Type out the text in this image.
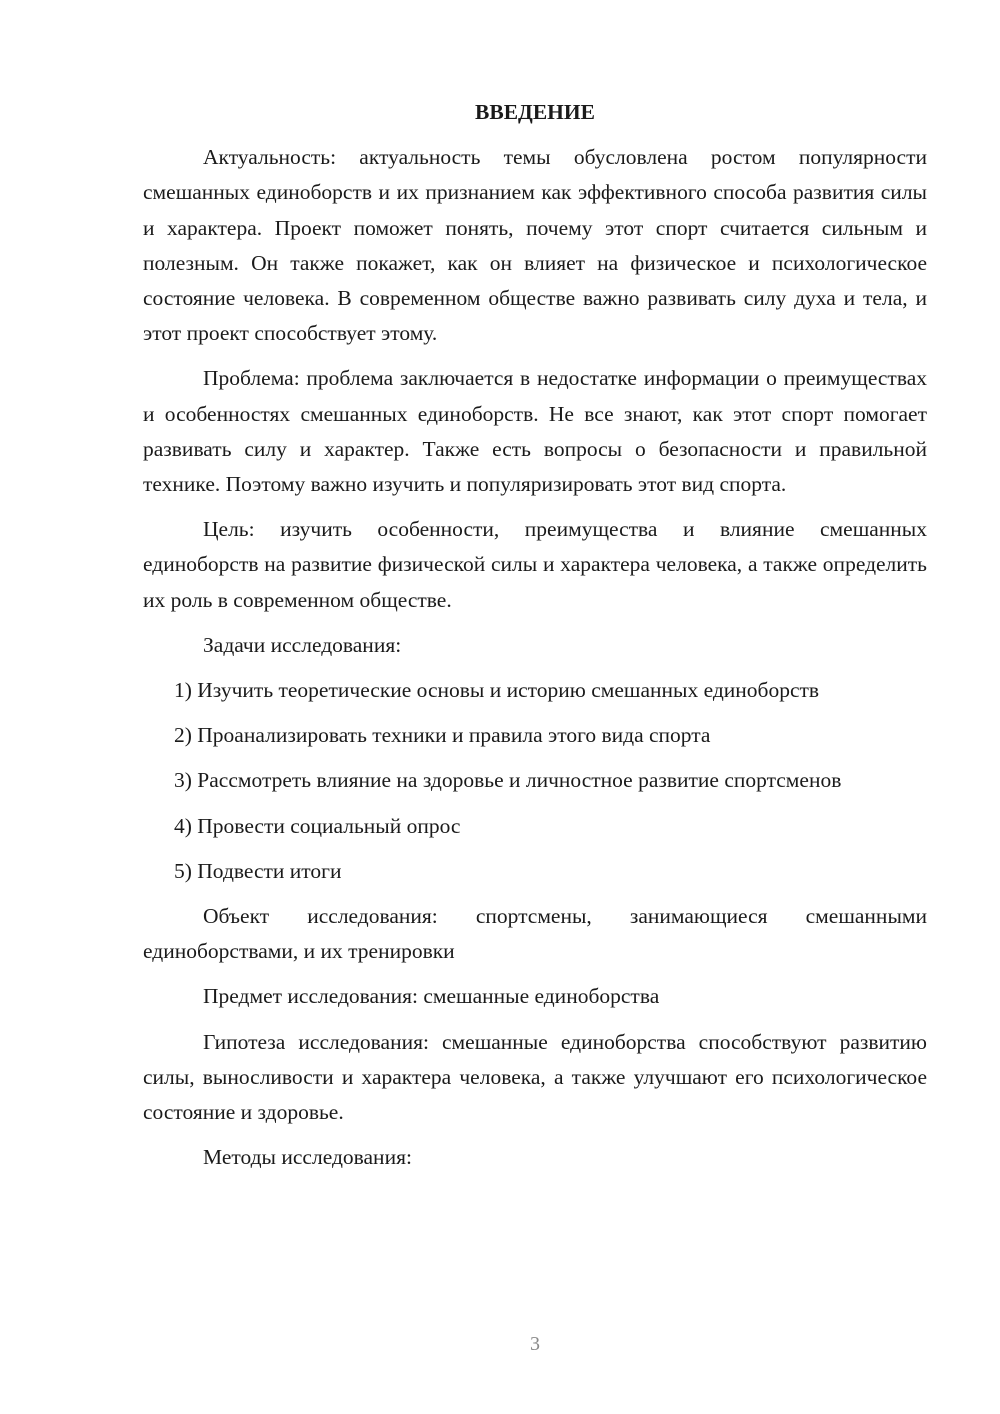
ВВЕДЕНИЕ

Актуальность: актуальность темы обусловлена ростом популярности смешанных единоборств и их признанием как эффективного способа развития силы и характера. Проект поможет понять, почему этот спорт считается сильным и полезным. Он также покажет, как он влияет на физическое и психологическое состояние человека. В современном обществе важно развивать силу духа и тела, и этот проект способствует этому.

Проблема: проблема заключается в недостатке информации о преимуществах и особенностях смешанных единоборств. Не все знают, как этот спорт помогает развивать силу и характер. Также есть вопросы о безопасности и правильной технике. Поэтому важно изучить и популяризировать этот вид спорта.

Цель: изучить особенности, преимущества и влияние смешанных единоборств на развитие физической силы и характера человека, а также определить их роль в современном обществе.

Задачи исследования:

1) Изучить теоретические основы и историю смешанных единоборств

2) Проанализировать техники и правила этого вида спорта

3) Рассмотреть влияние на здоровье и личностное развитие спортсменов

4) Провести социальный опрос

5) Подвести итоги

Объект исследования: спортсмены, занимающиеся смешанными единоборствами, и их тренировки

Предмет исследования: смешанные единоборства

Гипотеза исследования: смешанные единоборства способствуют развитию силы, выносливости и характера человека, а также улучшают его психологическое состояние и здоровье.

Методы исследования:

3
